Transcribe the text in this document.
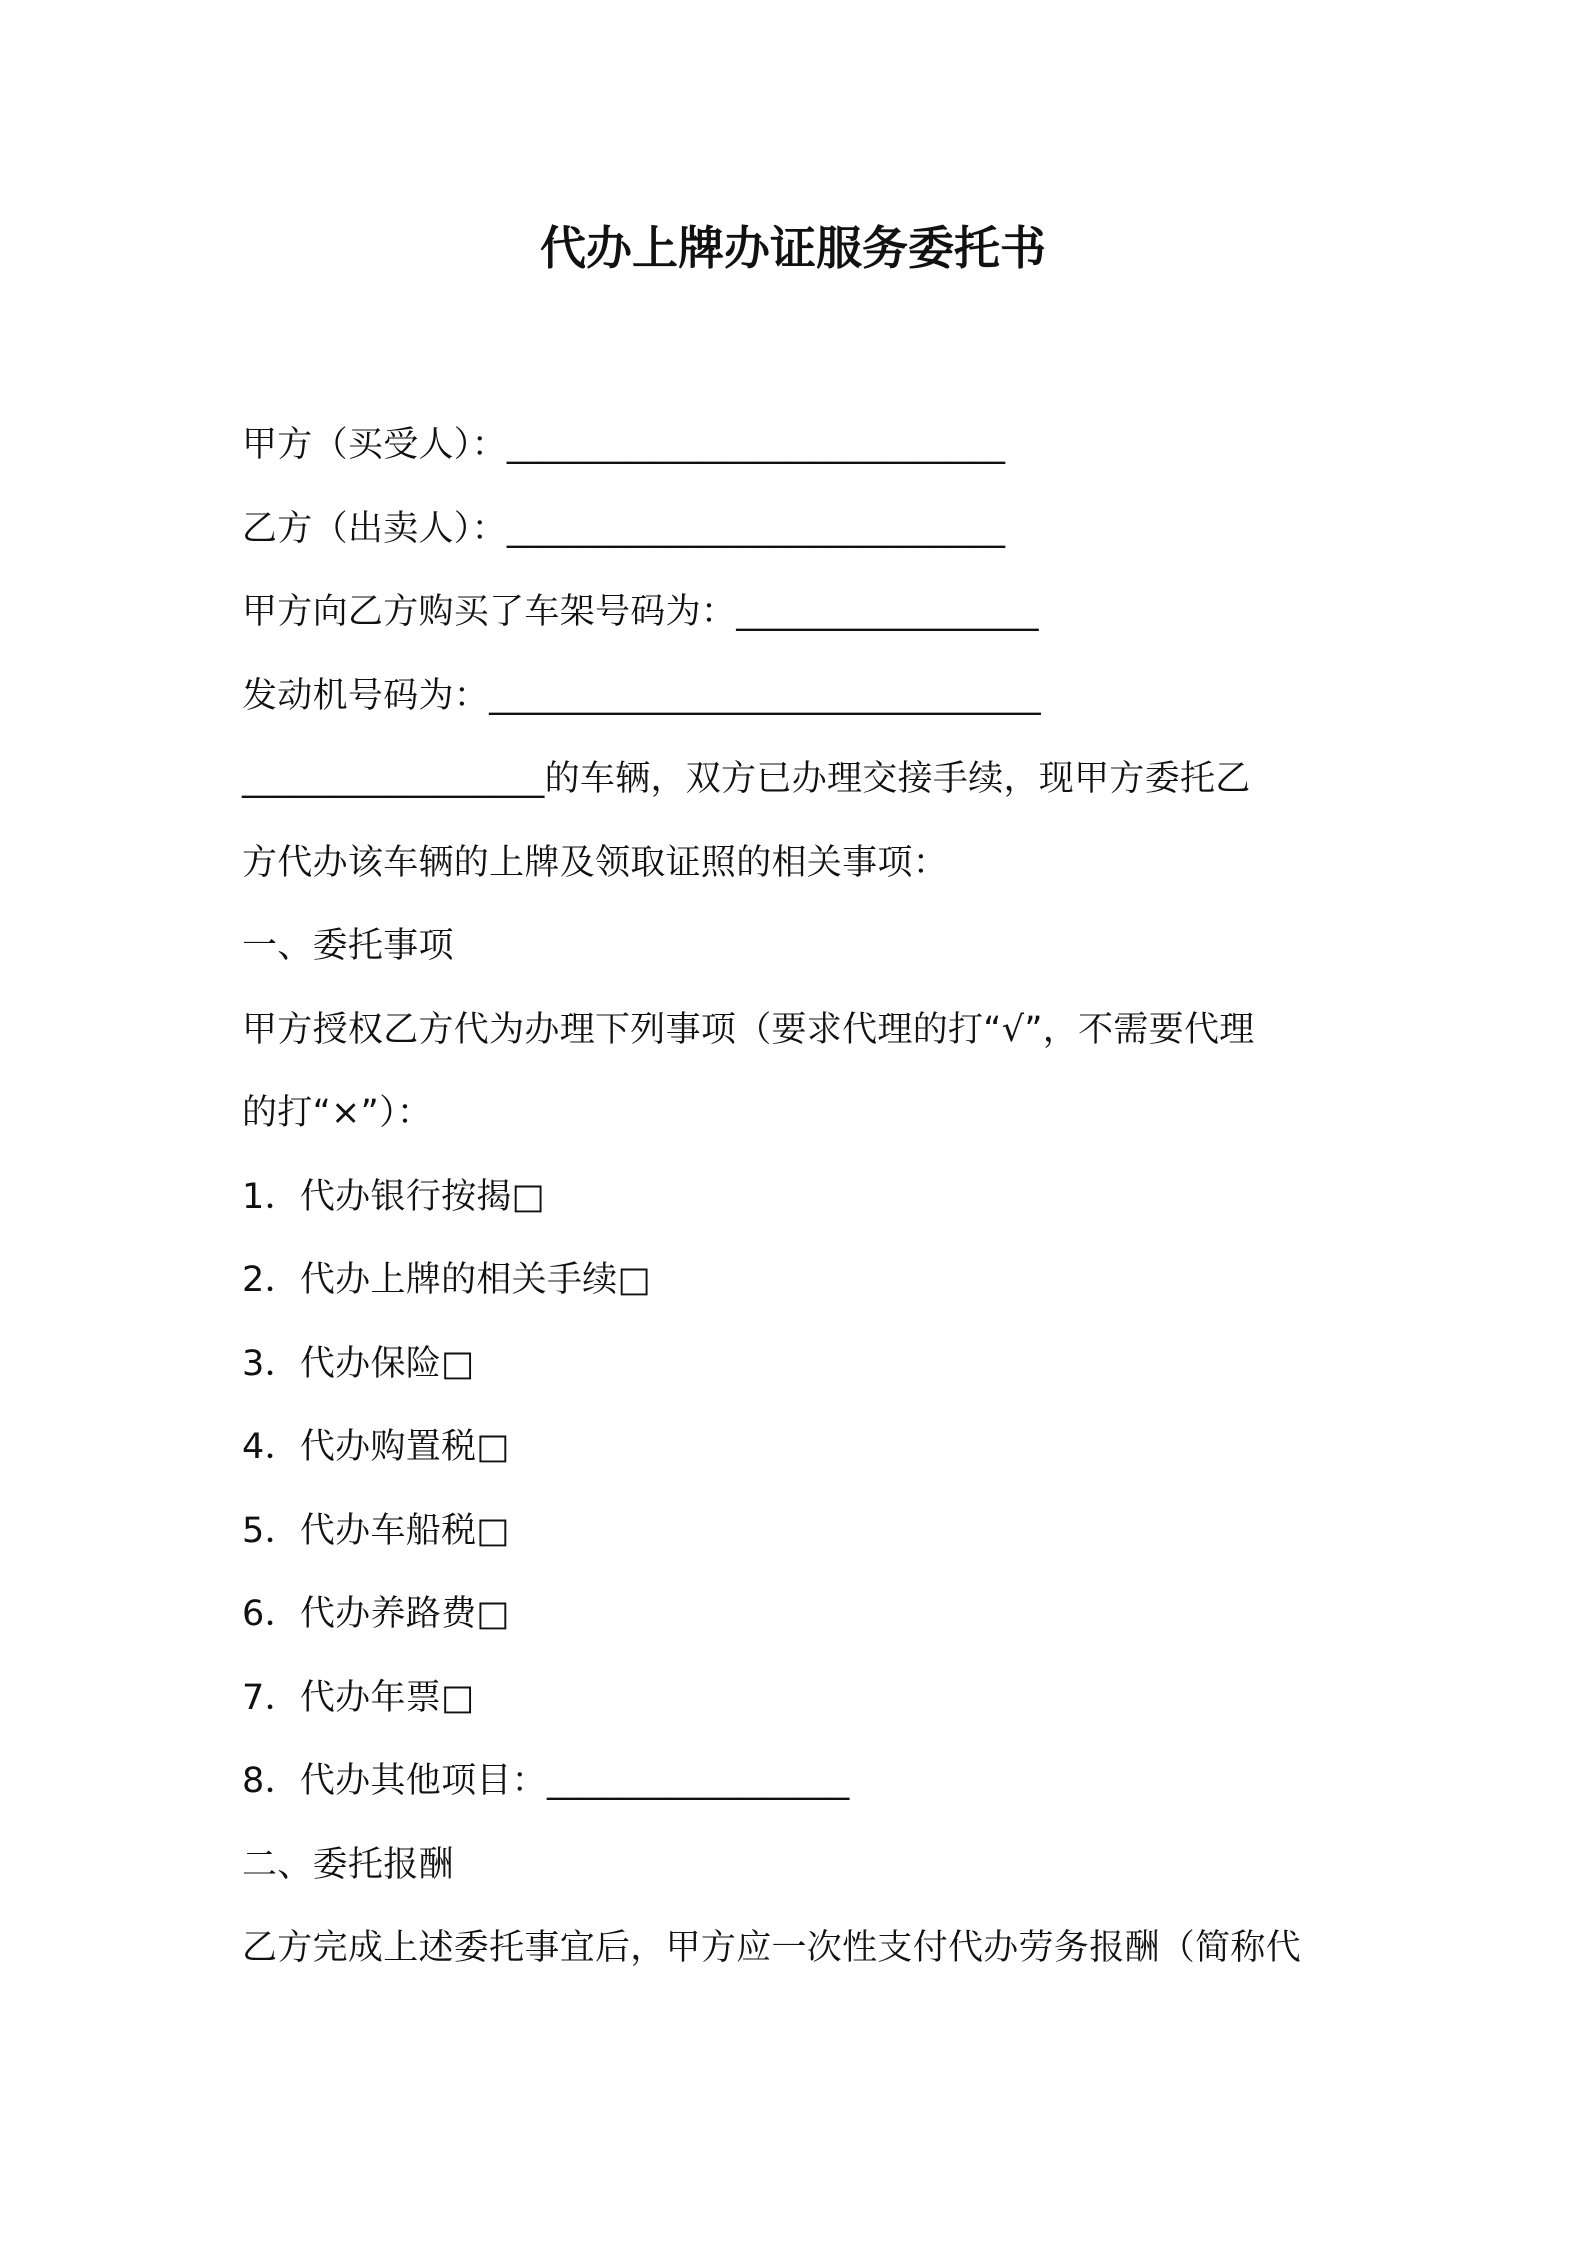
代办上牌办证服务委托书
甲方（买受人）：____________________________
乙方（出卖人）：____________________________
甲方向乙方购买了车架号码为：_________________
发动机号码为：_______________________________
_________________的车辆，双方已办理交接手续，现甲方委托乙
方代办该车辆的上牌及领取证照的相关事项：
一、委托事项
甲方授权乙方代为办理下列事项（要求代理的打“√”，不需要代理
的打“×”）：
1．代办银行按揭□
2．代办上牌的相关手续□
3．代办保险□
4．代办购置税□
5．代办车船税□
6．代办养路费□
7．代办年票□
8．代办其他项目：_________________
二、委托报酬
乙方完成上述委托事宜后，甲方应一次性支付代办劳务报酬（简称代
